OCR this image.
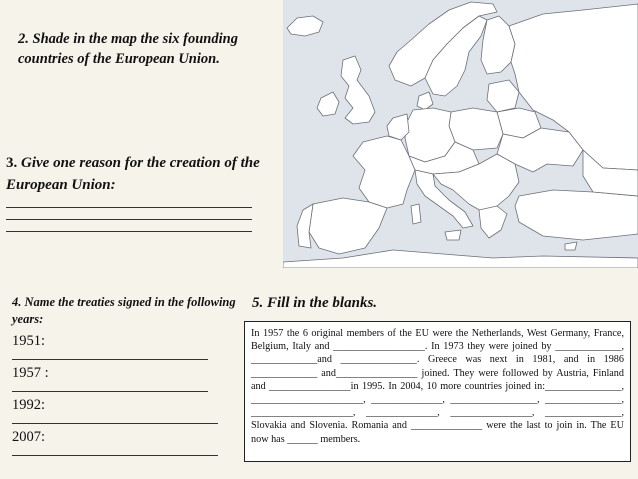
2. Shade in the map the six founding countries of the European Union.

3. Give one reason for the creation of the European Union:

4. Name the treaties signed in the following years:

1951:

1957 :

1992:

2007:

5. Fill in the blanks.

In 1957 the 6 original members of the EU were the Netherlands, West Germany, France, Belgium, Italy and __________________. In 1973 they were joined by _____________, _____________and _______________. Greece was next in 1981, and in 1986 _____________ and________________ joined. They were followed by Austria, Finland and ________________in 1995. In 2004, 10 more countries joined in:_______________, ______________________, ______________, _________________, _______________, ____________________, ______________, ________________, _______________, Slovakia and Slovenia. Romania and ______________ were the last to join in. The EU now has ______ members.
